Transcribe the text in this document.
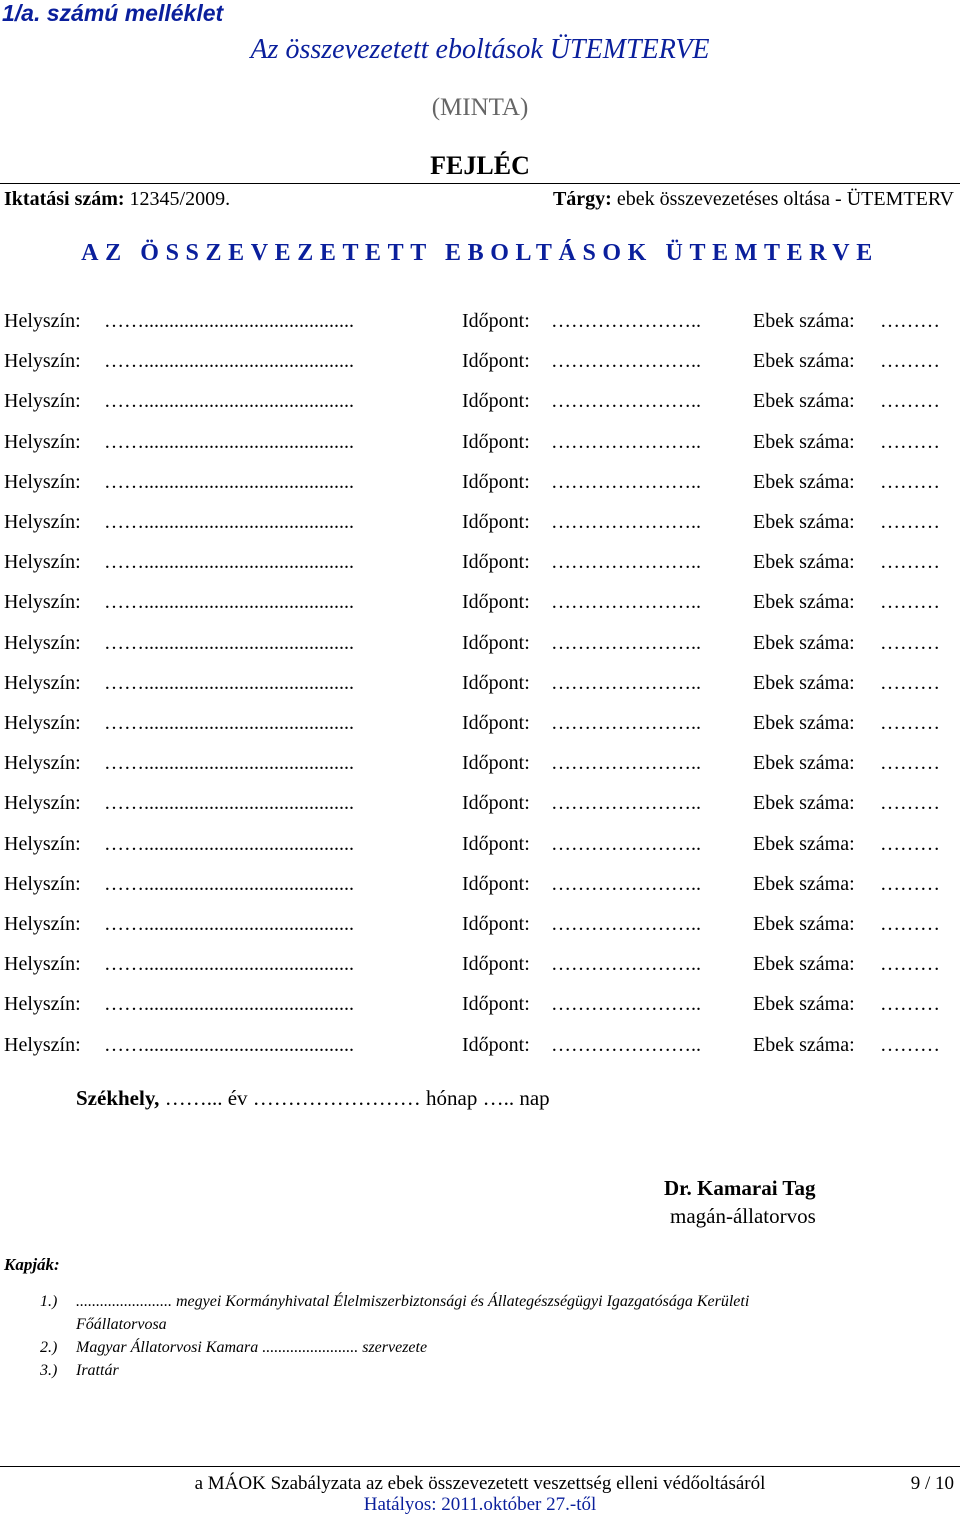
1/a. számú melléklet
Az összevezetett eboltások ÜTEMTERVE
(MINTA)
FEJLÉC
Iktatási szám: 12345/2009.	Tárgy: ebek összevezetéses oltása - ÜTEMTERV
AZ ÖSSZEVEZETETT EBOLTÁSOK ÜTEMTERVE
Helyszín: ……..........................................	Időpont: …………………..	Ebek száma: ………
Helyszín: ……..........................................	Időpont: …………………..	Ebek száma: ………
Helyszín: ……..........................................	Időpont: …………………..	Ebek száma: ………
Helyszín: ……..........................................	Időpont: …………………..	Ebek száma: ………
Helyszín: ……..........................................	Időpont: …………………..	Ebek száma: ………
Helyszín: ……..........................................	Időpont: …………………..	Ebek száma: ………
Helyszín: ……..........................................	Időpont: …………………..	Ebek száma: ………
Helyszín: ……..........................................	Időpont: …………………..	Ebek száma: ………
Helyszín: ……..........................................	Időpont: …………………..	Ebek száma: ………
Helyszín: ……..........................................	Időpont: …………………..	Ebek száma: ………
Helyszín: ……..........................................	Időpont: …………………..	Ebek száma: ………
Helyszín: ……..........................................	Időpont: …………………..	Ebek száma: ………
Helyszín: ……..........................................	Időpont: …………………..	Ebek száma: ………
Helyszín: ……..........................................	Időpont: …………………..	Ebek száma: ………
Helyszín: ……..........................................	Időpont: …………………..	Ebek száma: ………
Helyszín: ……..........................................	Időpont: …………………..	Ebek száma: ………
Helyszín: ……..........................................	Időpont: …………………..	Ebek száma: ………
Helyszín: ……..........................................	Időpont: …………………..	Ebek száma: ………
Helyszín: ……..........................................	Időpont: …………………..	Ebek száma: ………
Székhely, ……... év …………………… hónap ….. nap
Dr. Kamarai Tag
magán-állatorvos
Kapják:
1.) ........................ megyei Kormányhivatal Élelmiszerbiztonsági és Állategészségügyi Igazgatósága Kerületi
Főállatorvosa
2.) Magyar Állatorvosi Kamara ........................ szervezete
3.) Irattár
a MÁOK Szabályzata az ebek összevezetett veszettség elleni védőoltásáról	9 / 10
Hatályos: 2011.október 27.-től
